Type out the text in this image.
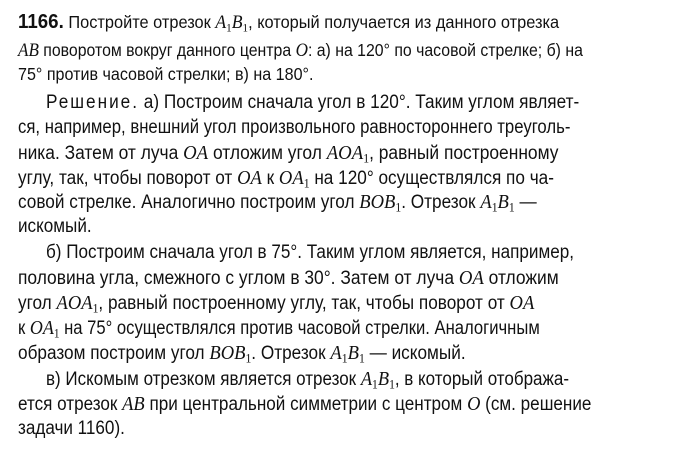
1166. Постройте отрезок $A_1B_1$, который получается из данного отрезка
AB поворотом вокруг данного центра O: а) на 120° по часовой стрелке; б) на
75° против часовой стрелки; в) на 180°.
Решение. а) Построим сначала угол в 120°. Таким углом являет-
ся, например, внешний угол произвольного равностороннего треуголь-
ника. Затем от луча OA отложим угол $AOA_1$, равный построенному
углу, так, чтобы поворот от OA к $OA_1$ на 120° осуществлялся по ча-
совой стрелке. Аналогично построим угол $BOB_1$. Отрезок $A_1B_1$ —
искомый.
б) Построим сначала угол в 75°. Таким углом является, например,
половина угла, смежного с углом в 30°. Затем от луча OA отложим
угол $AOA_1$, равный построенному углу, так, чтобы поворот от OA
к $OA_1$ на 75° осуществлялся против часовой стрелки. Аналогичным
образом построим угол $BOB_1$. Отрезок $A_1B_1$ — искомый.
в) Искомым отрезком является отрезок $A_1B_1$, в который отобража-
ется отрезок AB при центральной симметрии с центром O (см. решение
задачи 1160).
